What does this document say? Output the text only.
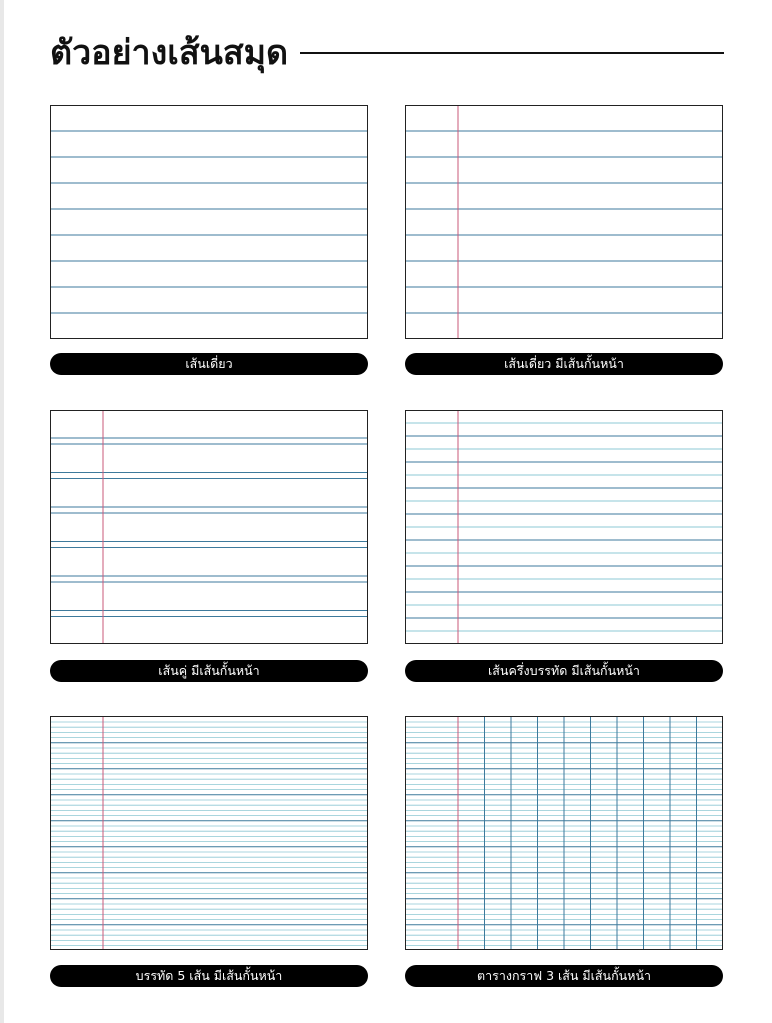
ตัวอย่างเส้นสมุด
เส้นเดี่ยว	เส้นเดี่ยว มีเส้นกั้นหน้า
เส้นคู่ มีเส้นกั้นหน้า	เส้นครึ่งบรรทัด มีเส้นกั้นหน้า
บรรทัด 5 เส้น มีเส้นกั้นหน้า	ตารางกราฟ 3 เส้น มีเส้นกั้นหน้า
